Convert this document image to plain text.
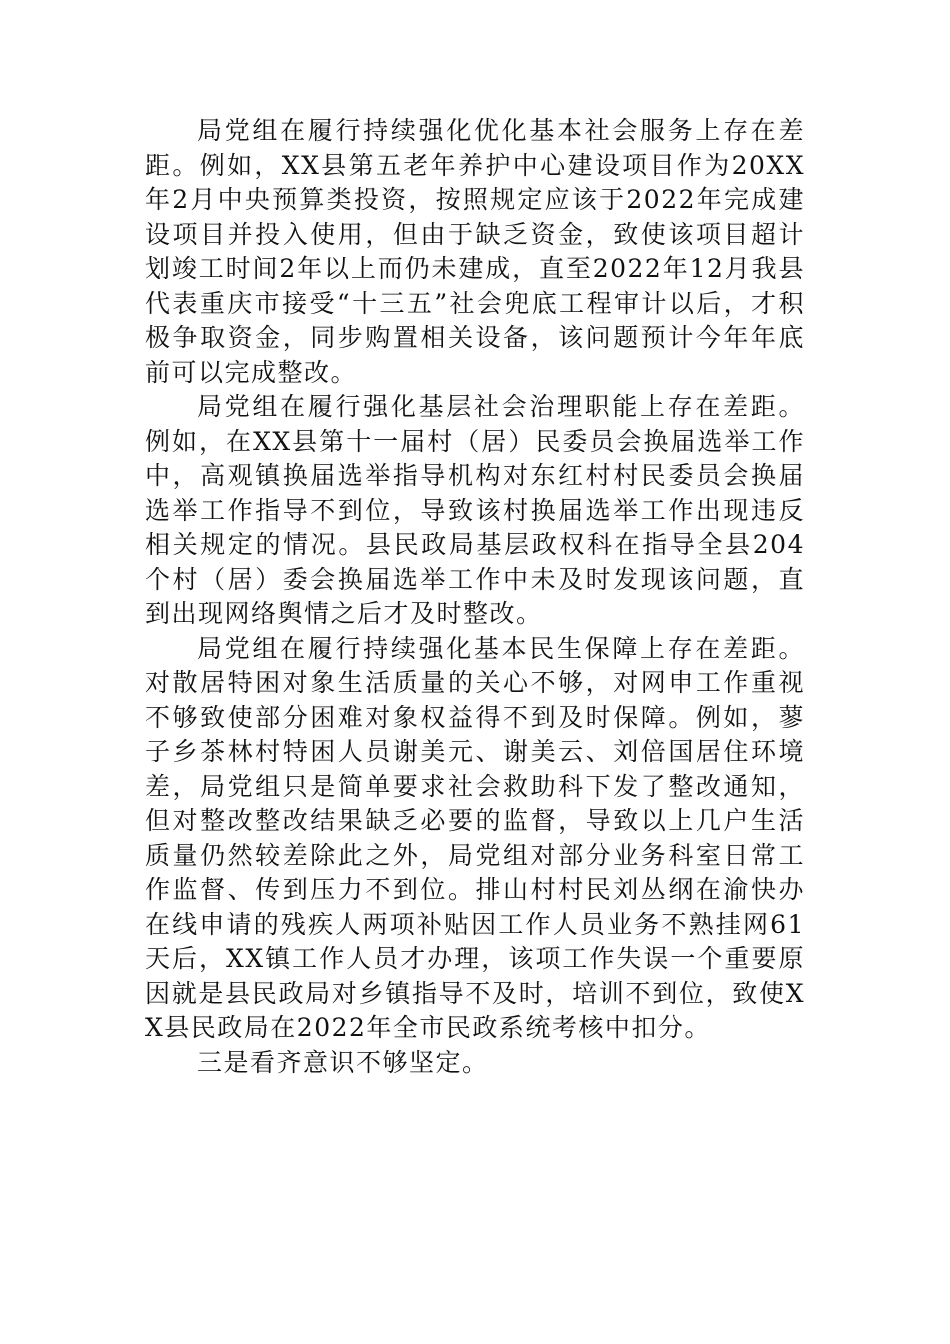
局党组在履行持续强化优化基本社会服务上存在差距。例如，XX县第五老年养护中心建设项目作为20XX年2月中央预算类投资，按照规定应该于2022年完成建设项目并投入使用，但由于缺乏资金，致使该项目超计划竣工时间2年以上而仍未建成，直至2022年12月我县代表重庆市接受“十三五”社会兜底工程审计以后，才积极争取资金，同步购置相关设备，该问题预计今年年底前可以完成整改。

局党组在履行强化基层社会治理职能上存在差距。例如，在XX县第十一届村（居）民委员会换届选举工作中，高观镇换届选举指导机构对东红村村民委员会换届选举工作指导不到位，导致该村换届选举工作出现违反相关规定的情况。县民政局基层政权科在指导全县204个村（居）委会换届选举工作中未及时发现该问题，直到出现网络舆情之后才及时整改。

局党组在履行持续强化基本民生保障上存在差距。对散居特困对象生活质量的关心不够，对网申工作重视不够致使部分困难对象权益得不到及时保障。例如，蓼子乡茶林村特困人员谢美元、谢美云、刘倍国居住环境差，局党组只是简单要求社会救助科下发了整改通知，但对整改整改结果缺乏必要的监督，导致以上几户生活质量仍然较差除此之外，局党组对部分业务科室日常工作监督、传到压力不到位。排山村村民刘丛纲在渝快办在线申请的残疾人两项补贴因工作人员业务不熟挂网61天后，XX镇工作人员才办理，该项工作失误一个重要原因就是县民政局对乡镇指导不及时，培训不到位，致使XX县民政局在2022年全市民政系统考核中扣分。

三是看齐意识不够坚定。
